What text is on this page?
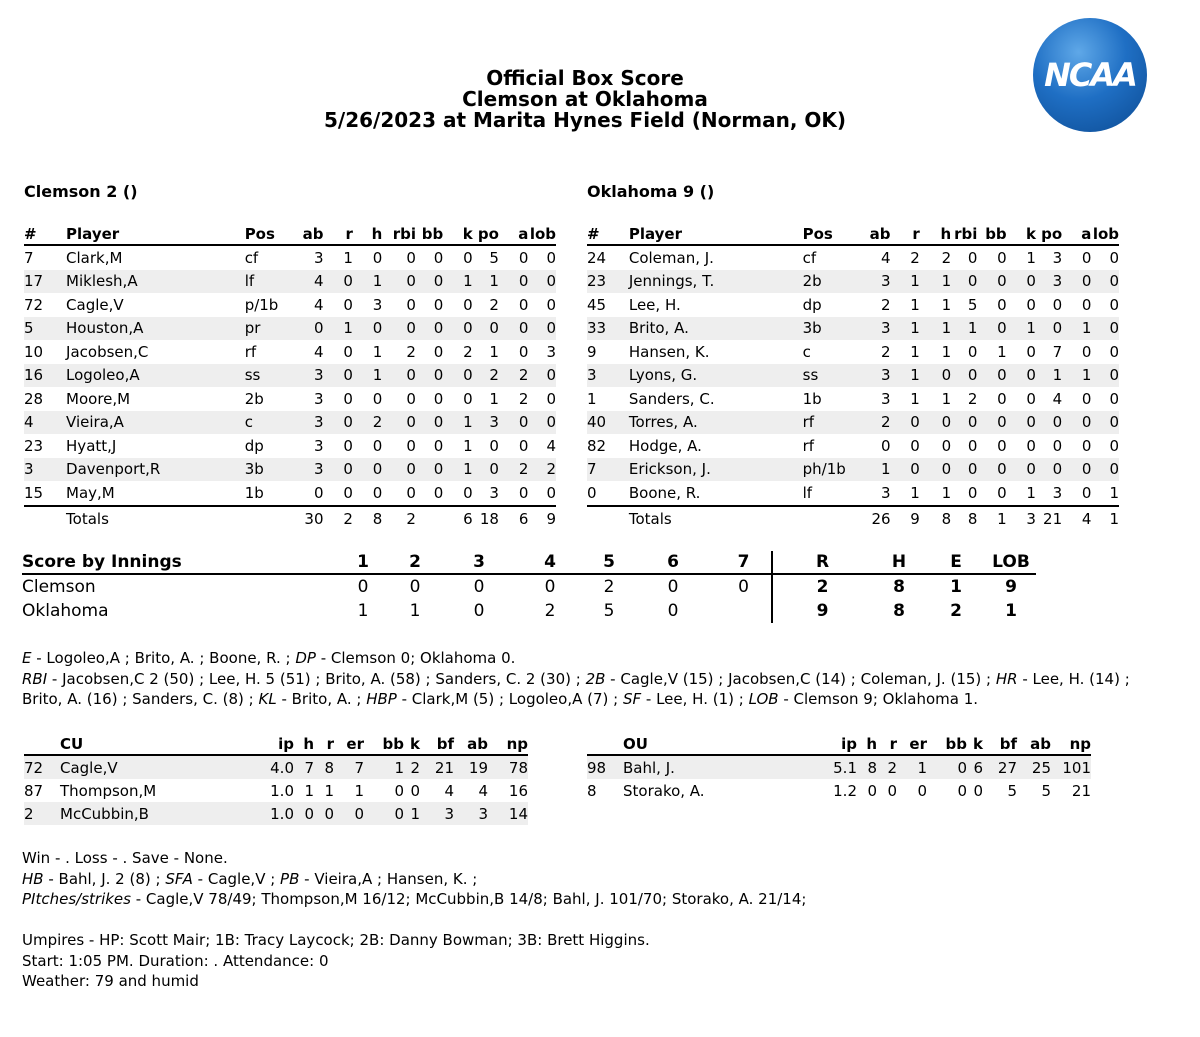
Official Box Score
Clemson at Oklahoma
5/26/2023 at Marita Hynes Field (Norman, OK)
NCAA
Clemson 2 ()	Oklahoma 9 ()
#	Player	Pos	ab	r	h	rbi	bb	k	po	a	lob
7	Clark,M	cf	3	1	0	0	0	0	5	0	0
17	Miklesh,A	lf	4	0	1	0	0	1	1	0	0
72	Cagle,V	p/1b	4	0	3	0	0	0	2	0	0
5	Houston,A	pr	0	1	0	0	0	0	0	0	0
10	Jacobsen,C	rf	4	0	1	2	0	2	1	0	3
16	Logoleo,A	ss	3	0	1	0	0	0	2	2	0
28	Moore,M	2b	3	0	0	0	0	0	1	2	0
4	Vieira,A	c	3	0	2	0	0	1	3	0	0
23	Hyatt,J	dp	3	0	0	0	0	1	0	0	4
3	Davenport,R	3b	3	0	0	0	0	1	0	2	2
15	May,M	1b	0	0	0	0	0	0	3	0	0
	Totals		30	2	8	2		6	18	6	9
#	Player	Pos	ab	r	h	rbi	bb	k	po	a	lob
24	Coleman, J.	cf	4	2	2	0	0	1	3	0	0
23	Jennings, T.	2b	3	1	1	0	0	0	3	0	0
45	Lee, H.	dp	2	1	1	5	0	0	0	0	0
33	Brito, A.	3b	3	1	1	1	0	1	0	1	0
9	Hansen, K.	c	2	1	1	0	1	0	7	0	0
3	Lyons, G.	ss	3	1	0	0	0	0	1	1	0
1	Sanders, C.	1b	3	1	1	2	0	0	4	0	0
40	Torres, A.	rf	2	0	0	0	0	0	0	0	0
82	Hodge, A.	rf	0	0	0	0	0	0	0	0	0
7	Erickson, J.	ph/1b	1	0	0	0	0	0	0	0	0
0	Boone, R.	lf	3	1	1	0	0	1	3	0	1
	Totals		26	9	8	8	1	3	21	4	1
Score by Innings	1	2	3	4	5	6	7	R	H	E	LOB
Clemson	0	0	0	0	2	0	0	2	8	1	9
Oklahoma	1	1	0	2	5	0		9	8	2	1
E - Logoleo,A ; Brito, A. ; Boone, R. ; DP - Clemson 0; Oklahoma 0.
RBI - Jacobsen,C 2 (50) ; Lee, H. 5 (51) ; Brito, A. (58) ; Sanders, C. 2 (30) ; 2B - Cagle,V (15) ; Jacobsen,C (14) ; Coleman, J. (15) ; HR - Lee, H. (14) ; Brito, A. (16) ; Sanders, C. (8) ; KL - Brito, A. ; HBP - Clark,M (5) ; Logoleo,A (7) ; SF - Lee, H. (1) ; LOB - Clemson 9; Oklahoma 1.
	CU	ip	h	r	er	bb	k	bf	ab	np
72	Cagle,V	4.0	7	8	7	1	2	21	19	78
87	Thompson,M	1.0	1	1	1	0	0	4	4	16
2	McCubbin,B	1.0	0	0	0	0	1	3	3	14
	OU	ip	h	r	er	bb	k	bf	ab	np
98	Bahl, J.	5.1	8	2	1	0	6	27	25	101
8	Storako, A.	1.2	0	0	0	0	0	5	5	21
Win - . Loss - . Save - None.
HB - Bahl, J. 2 (8) ; SFA - Cagle,V ; PB - Vieira,A ; Hansen, K. ;
PItches/strikes - Cagle,V 78/49; Thompson,M 16/12; McCubbin,B 14/8; Bahl, J. 101/70; Storako, A. 21/14;
Umpires - HP: Scott Mair; 1B: Tracy Laycock; 2B: Danny Bowman; 3B: Brett Higgins.
Start: 1:05 PM. Duration: . Attendance: 0
Weather: 79 and humid
